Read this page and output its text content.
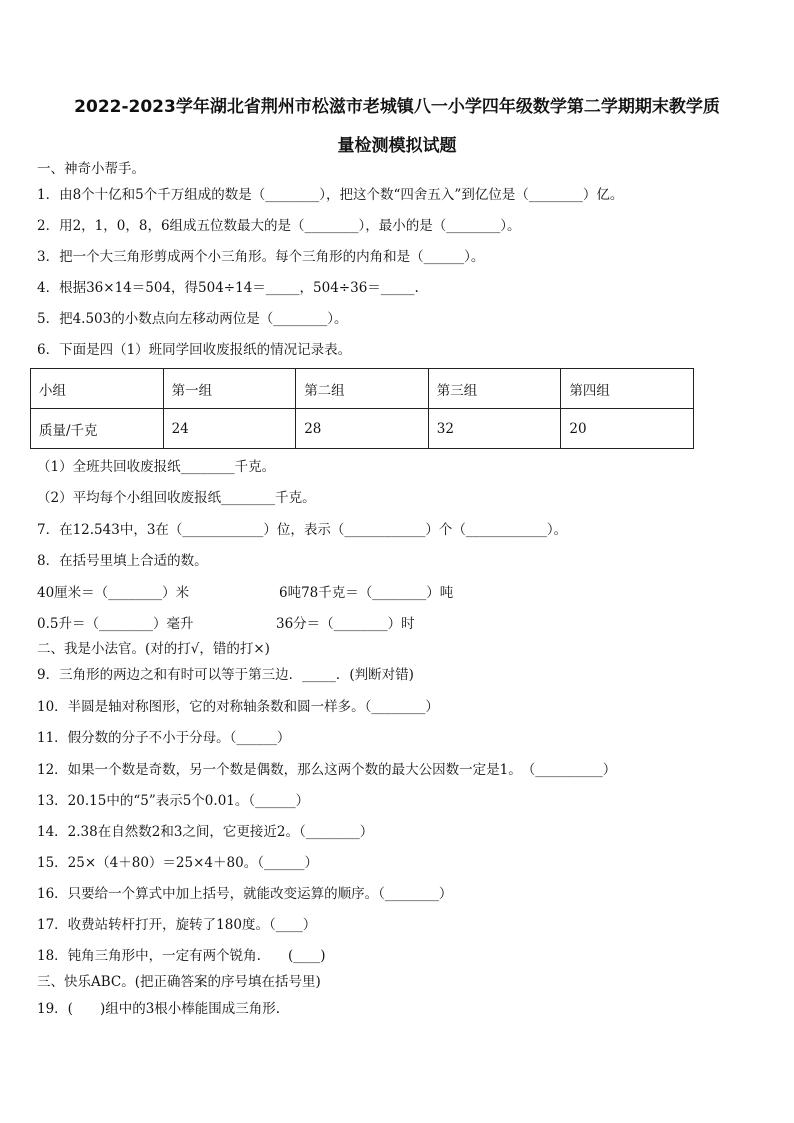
2022-2023学年湖北省荆州市松滋市老城镇八一小学四年级数学第二学期期末教学质
量检测模拟试题
一、神奇小帮手。
1．由8个十亿和5个千万组成的数是（________），把这个数“四舍五入”到亿位是（________）亿。
2．用2，1，0，8，6组成五位数最大的是（________），最小的是（________）。
3．把一个大三角形剪成两个小三角形。每个三角形的内角和是（______）。
4．根据36×14＝504，得504÷14＝_____，504÷36＝_____.
5．把4.503的小数点向左移动两位是（________）。
6．下面是四（1）班同学回收废报纸的情况记录表。
小组	第一组	第二组	第三组	第四组
质量/千克	24	28	32	20
（1）全班共回收废报纸________千克。
（2）平均每个小组回收废报纸________千克。
7．在12.543中，3在（____________）位，表示（____________）个（____________）。
8．在括号里填上合适的数。
40厘米＝（________）米	6吨78千克＝（________）吨
0.5升＝（________）毫升	36分＝（________）时
二、我是小法官。(对的打√，错的打×)
9．三角形的两边之和有时可以等于第三边．_____．(判断对错)
10．半圆是轴对称图形，它的对称轴条数和圆一样多。（________）
11．假分数的分子不小于分母。（______）
12．如果一个数是奇数，另一个数是偶数，那么这两个数的最大公因数一定是1。　（__________）
13．20.15中的“5”表示5个0.01。（______）
14．2.38在自然数2和3之间，它更接近2。（________）
15．25×（4＋80）＝25×4＋80。（______）
16．只要给一个算式中加上括号，就能改变运算的顺序。（________）
17．收费站转杆打开，旋转了180度。（____）
18．钝角三角形中，一定有两个锐角.　　(____)
三、快乐ABC。(把正确答案的序号填在括号里)
19．(　　)组中的3根小棒能围成三角形.
